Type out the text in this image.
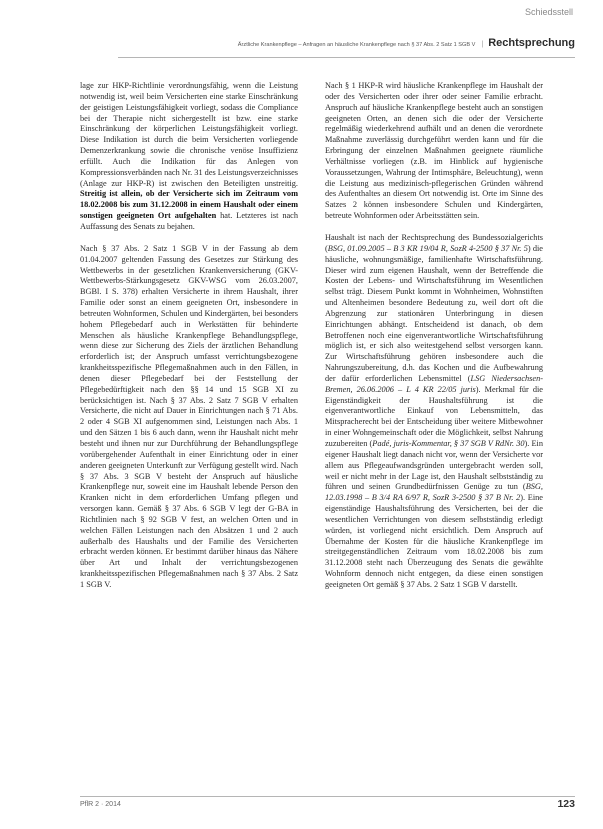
Schiedsstell
Ärztliche Krankenpflege – Anfragen an häusliche Krankenpflege nach § 37 Abs. 2 Satz 1 SGB V | Rechtsprechung

lage zur HKP-Richtlinie verordnungsfähig, wenn die Leistung notwendig ist, weil beim Versicherten eine starke Einschränkung der geistigen Leistungsfähigkeit vorliegt, sodass die Compliance bei der Therapie nicht sichergestellt ist bzw. eine starke Einschränkung der körperlichen Leistungsfähigkeit vorliegt. Diese Indikation ist durch die beim Versicherten vorliegende Demenzerkrankung sowie die chronische venöse Insuffizienz erfüllt. Auch die Indikation für das Anlegen von Kompressionsverbänden nach Nr. 31 des Leistungsverzeichnisses (Anlage zur HKP-R) ist zwischen den Beteiligten unstreitig. Streitig ist allein, ob der Versicherte sich im Zeitraum vom 18.02.2008 bis zum 31.12.2008 in einem Haushalt oder einem sonstigen geeigneten Ort aufgehalten hat. Letzteres ist nach Auffassung des Senats zu bejahen.

Nach § 37 Abs. 2 Satz 1 SGB V in der Fassung ab dem 01.04.2007 geltenden Fassung des Gesetzes zur Stärkung des Wettbewerbs in der gesetzlichen Krankenversicherung (GKV-Wettbewerbs-Stärkungsgesetz GKV-WSG vom 26.03.2007, BGBl. I S. 378) erhalten Versicherte in ihrem Haushalt, ihrer Familie oder sonst an einem geeigneten Ort, insbesondere in betreuten Wohnformen, Schulen und Kindergärten, bei besonders hohem Pflegebedarf auch in Werkstätten für behinderte Menschen als häusliche Krankenpflege Behandlungspflege, wenn diese zur Sicherung des Ziels der ärztlichen Behandlung erforderlich ist; der Anspruch umfasst verrichtungsbezogene krankheitsspezifische Pflegemaßnahmen auch in den Fällen, in denen dieser Pflegebedarf bei der Feststellung der Pflegebedürftigkeit nach den §§ 14 und 15 SGB XI zu berücksichtigen ist. Nach § 37 Abs. 2 Satz 7 SGB V erhalten Versicherte, die nicht auf Dauer in Einrichtungen nach § 71 Abs. 2 oder 4 SGB XI aufgenommen sind, Leistungen nach Abs. 1 und den Sätzen 1 bis 6 auch dann, wenn ihr Haushalt nicht mehr besteht und ihnen nur zur Durchführung der Behandlungspflege vorübergehender Aufenthalt in einer Einrichtung oder in einer anderen geeigneten Unterkunft zur Verfügung gestellt wird. Nach § 37 Abs. 3 SGB V besteht der Anspruch auf häusliche Krankenpflege nur, soweit eine im Haushalt lebende Person den Kranken nicht in dem erforderlichen Umfang pflegen und versorgen kann. Gemäß § 37 Abs. 6 SGB V legt der G-BA in Richtlinien nach § 92 SGB V fest, an welchen Orten und in welchen Fällen Leistungen nach den Absätzen 1 und 2 auch außerhalb des Haushalts und der Familie des Versicherten erbracht werden können. Er bestimmt darüber hinaus das Nähere über Art und Inhalt der verrichtungsbezogenen krankheitsspezifischen Pflegemaßnahmen nach § 37 Abs. 2 Satz 1 SGB V.

Nach § 1 HKP-R wird häusliche Krankenpflege im Haushalt der oder des Versicherten oder ihrer oder seiner Familie erbracht. Anspruch auf häusliche Krankenpflege besteht auch an sonstigen geeigneten Orten, an denen sich die oder der Versicherte regelmäßig wiederkehrend aufhält und an denen die verordnete Maßnahme zuverlässig durchgeführt werden kann und für die Erbringung der einzelnen Maßnahmen geeignete räumliche Verhältnisse vorliegen (z.B. im Hinblick auf hygienische Voraussetzungen, Wahrung der Intimsphäre, Beleuchtung), wenn die Leistung aus medizinisch-pflegerischen Gründen während des Aufenthaltes an diesem Ort notwendig ist. Orte im Sinne des Satzes 2 können insbesondere Schulen und Kindergärten, betreute Wohnformen oder Arbeitsstätten sein.

Haushalt ist nach der Rechtsprechung des Bundessozialgerichts (BSG, 01.09.2005 – B 3 KR 19/04 R, SozR 4-2500 § 37 Nr. 5) die häusliche, wohnungsmäßige, familienhafte Wirtschaftsführung. Dieser wird zum eigenen Haushalt, wenn der Betreffende die Kosten der Lebens- und Wirtschaftsführung im Wesentlichen selbst trägt. Diesem Punkt kommt in Wohnheimen, Wohnstiften und Altenheimen besondere Bedeutung zu, weil dort oft die Abgrenzung zur stationären Unterbringung in diesen Einrichtungen abhängt. Entscheidend ist danach, ob dem Betroffenen noch eine eigenverantwortliche Wirtschaftsführung möglich ist, er sich also weitestgehend selbst versorgen kann. Zur Wirtschaftsführung gehören insbesondere auch die Nahrungszubereitung, d.h. das Kochen und die Aufbewahrung der dafür erforderlichen Lebensmittel (LSG Niedersachsen-Bremen, 26.06.2006 – L 4 KR 22/05 juris). Merkmal für die Eigenständigkeit der Haushaltsführung ist die eigenverantwortliche Einkauf von Lebensmitteln, das Mitspracherecht bei der Entscheidung über weitere Mitbewohner in einer Wohngemeinschaft oder die Möglichkeit, selbst Nahrung zuzubereiten (Padé, juris-Kommentar, § 37 SGB V RdNr. 30). Ein eigener Haushalt liegt danach nicht vor, wenn der Versicherte vor allem aus Pflegeaufwandsgründen untergebracht werden soll, weil er nicht mehr in der Lage ist, den Haushalt selbstständig zu führen und seinen Grundbedürfnissen Genüge zu tun (BSG, 12.03.1998 – B 3/4 RA 6/97 R, SozR 3-2500 § 37 B Nr. 2). Eine eigenständige Haushaltsführung des Versicherten, bei der die wesentlichen Verrichtungen von diesem selbstständig erledigt würden, ist vorliegend nicht ersichtlich. Dem Anspruch auf Übernahme der Kosten für die häusliche Krankenpflege im streitgegenständlichen Zeitraum vom 18.02.2008 bis zum 31.12.2008 steht nach Überzeugung des Senats die gewählte Wohnform dennoch nicht entgegen, da diese einen sonstigen geeigneten Ort gemäß § 37 Abs. 2 Satz 1 SGB V darstellt.

PflR 2 · 2014	123
